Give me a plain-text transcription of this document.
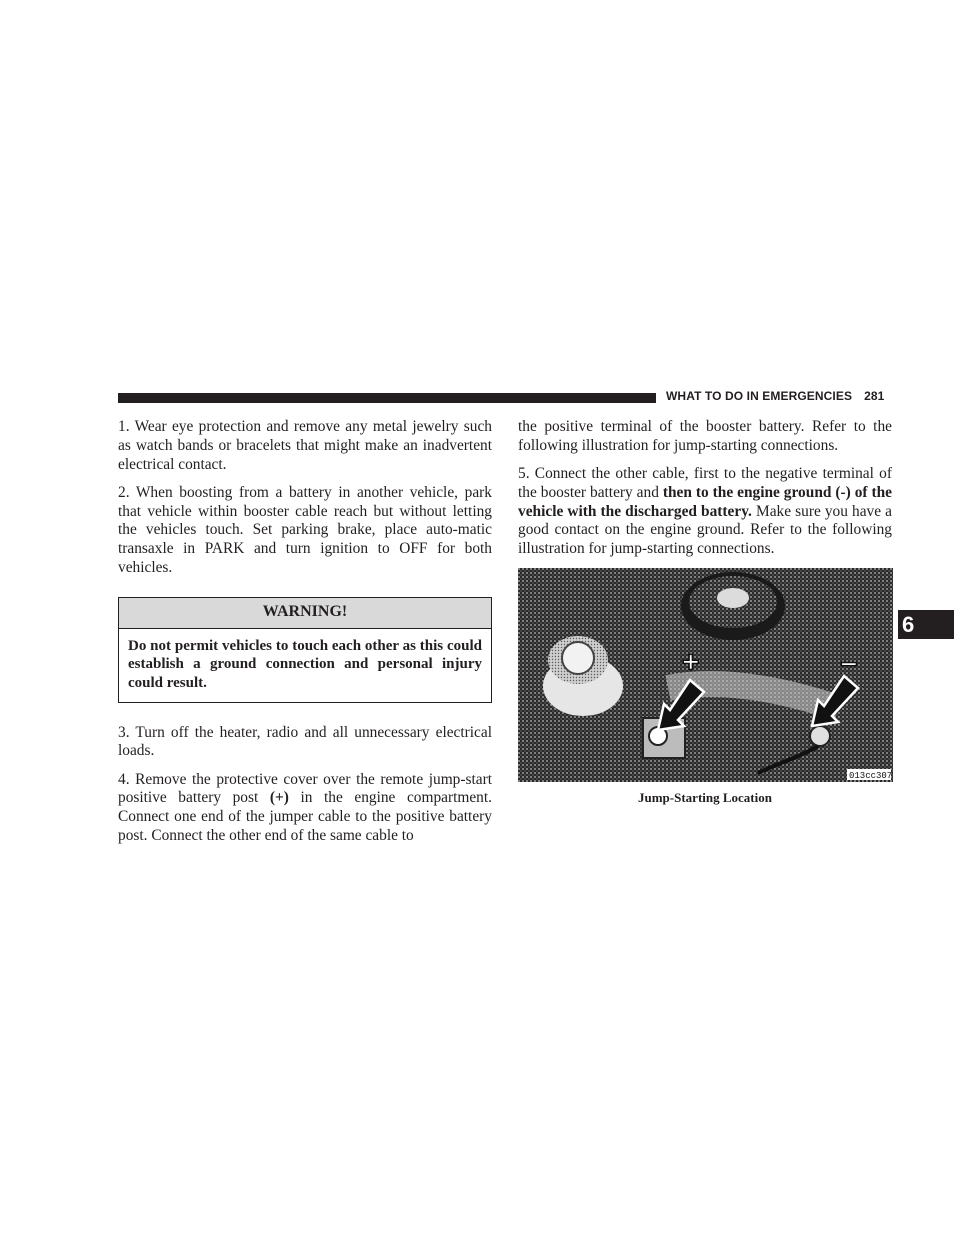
WHAT TO DO IN EMERGENCIES 281

1. Wear eye protection and remove any metal jewelry such as watch bands or bracelets that might make an inadvertent electrical contact.

2. When boosting from a battery in another vehicle, park that vehicle within booster cable reach but without letting the vehicles touch. Set parking brake, place auto-matic transaxle in PARK and turn ignition to OFF for both vehicles.

WARNING!
Do not permit vehicles to touch each other as this could establish a ground connection and personal injury could result.

3. Turn off the heater, radio and all unnecessary electrical loads.

4. Remove the protective cover over the remote jump-start positive battery post (+) in the engine compartment. Connect one end of the jumper cable to the positive battery post. Connect the other end of the same cable to

the positive terminal of the booster battery. Refer to the following illustration for jump-starting connections.

5. Connect the other cable, first to the negative terminal of the booster battery and then to the engine ground (-) of the vehicle with the discharged battery. Make sure you have a good contact on the engine ground. Refer to the following illustration for jump-starting connections.

+	−
013cc307
Jump-Starting Location
6
